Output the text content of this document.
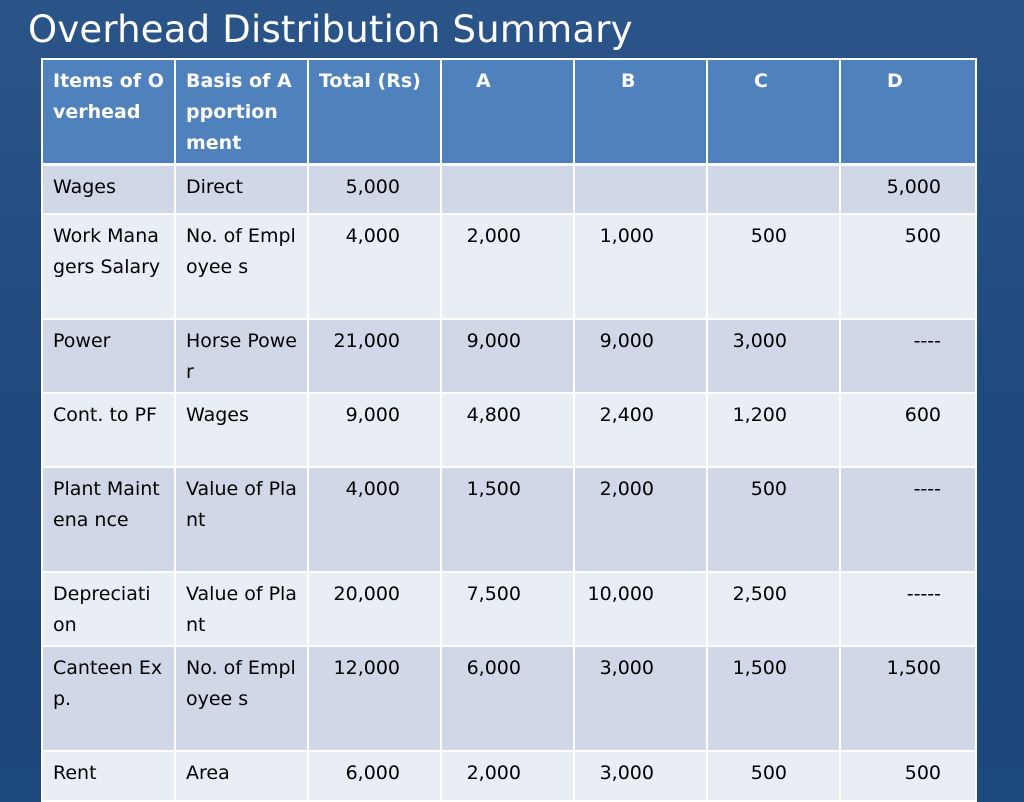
Overhead Distribution Summary
Items of Overhead	Basis of Apportion ment	Total (Rs)	A	B	C	D
Wages	Direct	5,000				5,000
Work Managers Salary	No. of Employee s	4,000	2,000	1,000	500	500
Power	Horse Power	21,000	9,000	9,000	3,000	----
Cont. to PF	Wages	9,000	4,800	2,400	1,200	600
Plant Maintena nce	Value of Plant	4,000	1,500	2,000	500	----
Depreciati on	Value of Plant	20,000	7,500	10,000	2,500	-----
Canteen Exp.	No. of Employee s	12,000	6,000	3,000	1,500	1,500
Rent	Area	6,000	2,000	3,000	500	500
